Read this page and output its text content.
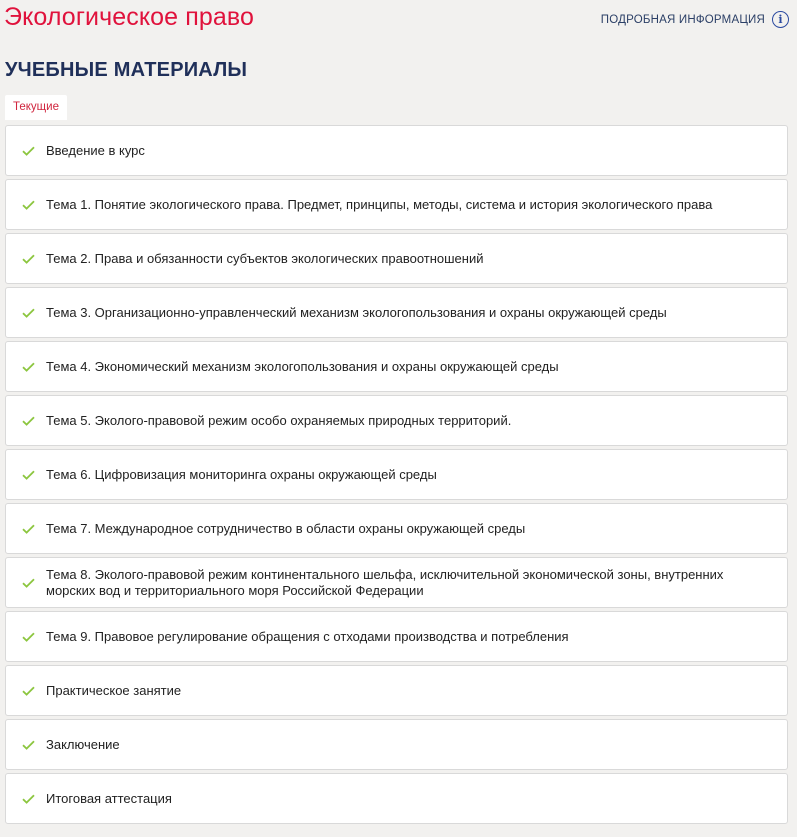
Экологическое право	ПОДРОБНАЯ ИНФОРМАЦИЯ	i
УЧЕБНЫЕ МАТЕРИАЛЫ
Текущие
Введение в курс
Тема 1. Понятие экологического права. Предмет, принципы, методы, система и история экологического права
Тема 2. Права и обязанности субъектов экологических правоотношений
Тема 3. Организационно-управленческий механизм экологопользования и охраны окружающей среды
Тема 4. Экономический механизм экологопользования и охраны окружающей среды
Тема 5. Эколого-правовой режим особо охраняемых природных территорий.
Тема 6. Цифровизация мониторинга охраны окружающей среды
Тема 7. Международное сотрудничество в области охраны окружающей среды
Тема 8. Эколого-правовой режим континентального шельфа, исключительной экономической зоны, внутренних морских вод и территориального моря Российской Федерации
Тема 9. Правовое регулирование обращения с отходами производства и потребления
Практическое занятие
Заключение
Итоговая аттестация
